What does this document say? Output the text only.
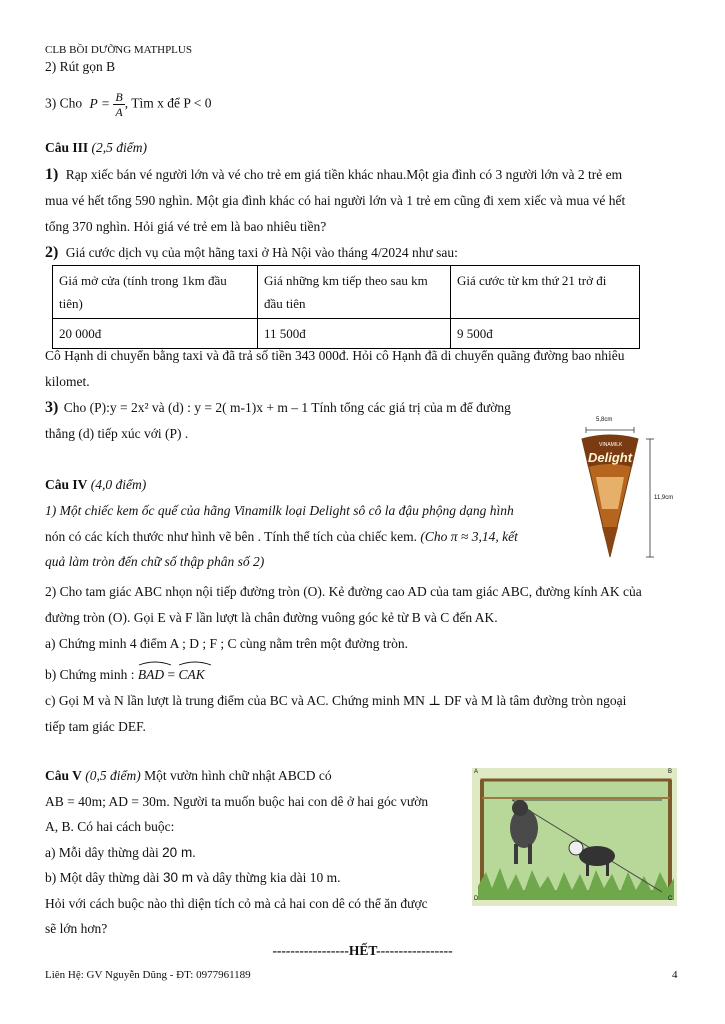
CLB BỒI DƯỠNG MATHPLUS
2) Rút gọn B
3) Cho $P = \frac{B}{A}$ , Tìm x để P < 0
Câu III (2,5 điểm)
1) Rạp xiếc bán vé người lớn và vé cho trẻ em giá tiền khác nhau.Một gia đình có 3 người lớn và 2 trẻ em
mua vé hết tổng 590 nghìn. Một gia đình khác có hai người lớn và 1 trẻ em cũng đi xem xiếc và mua vé hết
tổng 370 nghìn. Hỏi giá vé trẻ em là bao nhiêu tiền?
2) Giá cước dịch vụ của một hãng taxi ở Hà Nội vào tháng 4/2024 như sau:
Giá mở cửa (tính trong 1km đầu tiên)	Giá những km tiếp theo sau km đầu tiên	Giá cước từ km thứ 21 trở đi
20 000đ	11 500đ	9 500đ
Cô Hạnh di chuyển bằng taxi và đã trả số tiền 343 000đ. Hỏi cô Hạnh đã di chuyển quãng đường bao nhiêu
kilomet.
3) Cho (P):y = 2x² và (d) : y = 2( m-1)x + m – 1 Tính tổng các giá trị của m để đường
thẳng (d) tiếp xúc với (P) .
5,8cm
11,9cm
VINAMILK
Delight
Câu IV (4,0 điểm)
1) Một chiếc kem ốc quế của hãng Vinamilk loại Delight sô cô la đậu phộng dạng hình
nón có các kích thước như hình vẽ bên . Tính thể tích của chiếc kem. (Cho π ≈ 3,14, kết
quả làm tròn đến chữ số thập phân số 2)
2) Cho tam giác ABC nhọn nội tiếp đường tròn (O). Kẻ đường cao AD của tam giác ABC, đường kính AK của
đường tròn (O). Gọi E và F lần lượt là chân đường vuông góc kẻ từ B và C đến AK.
a) Chứng minh 4 điểm A ; D ; F ; C cùng nằm trên một đường tròn.
b) Chứng minh : BAD = CAK
c) Gọi M và N lần lượt là trung điểm của BC và AC. Chứng minh MN ⊥ DF và M là tâm đường tròn ngoại
tiếp tam giác DEF.
Câu V (0,5 điểm) Một vườn hình chữ nhật ABCD có
AB = 40m; AD = 30m. Người ta muốn buộc hai con dê ở hai góc vườn
A, B. Có hai cách buộc:
a) Mỗi dây thừng dài 20 m.
b) Một dây thừng dài 30 m và dây thừng kia dài 10 m.
Hỏi với cách buộc nào thì diện tích cỏ mà cả hai con dê có thể ăn được
sẽ lớn hơn?
A	B
D	C
-----------------HẾT-----------------
Liên Hệ: GV Nguyễn Dũng - ĐT: 0977961189	4
